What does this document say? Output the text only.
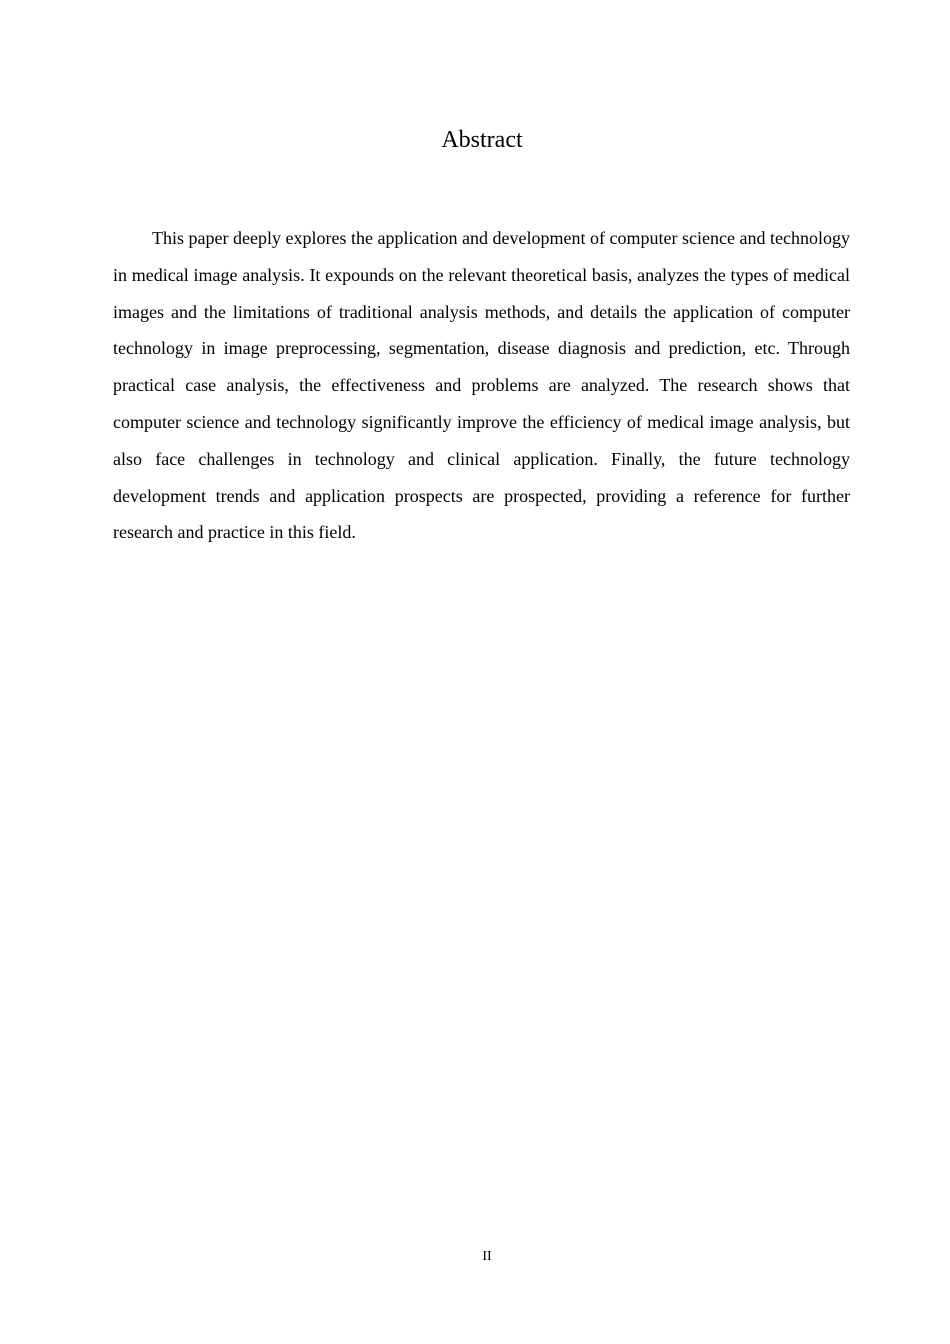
Abstract

This paper deeply explores the application and development of computer science and technology in medical image analysis. It expounds on the relevant theoretical basis, analyzes the types of medical images and the limitations of traditional analysis methods, and details the application of computer technology in image preprocessing, segmentation, disease diagnosis and prediction, etc. Through practical case analysis, the effectiveness and problems are analyzed. The research shows that computer science and technology significantly improve the efficiency of medical image analysis, but also face challenges in technology and clinical application. Finally, the future technology development trends and application prospects are prospected, providing a reference for further research and practice in this field.

II
